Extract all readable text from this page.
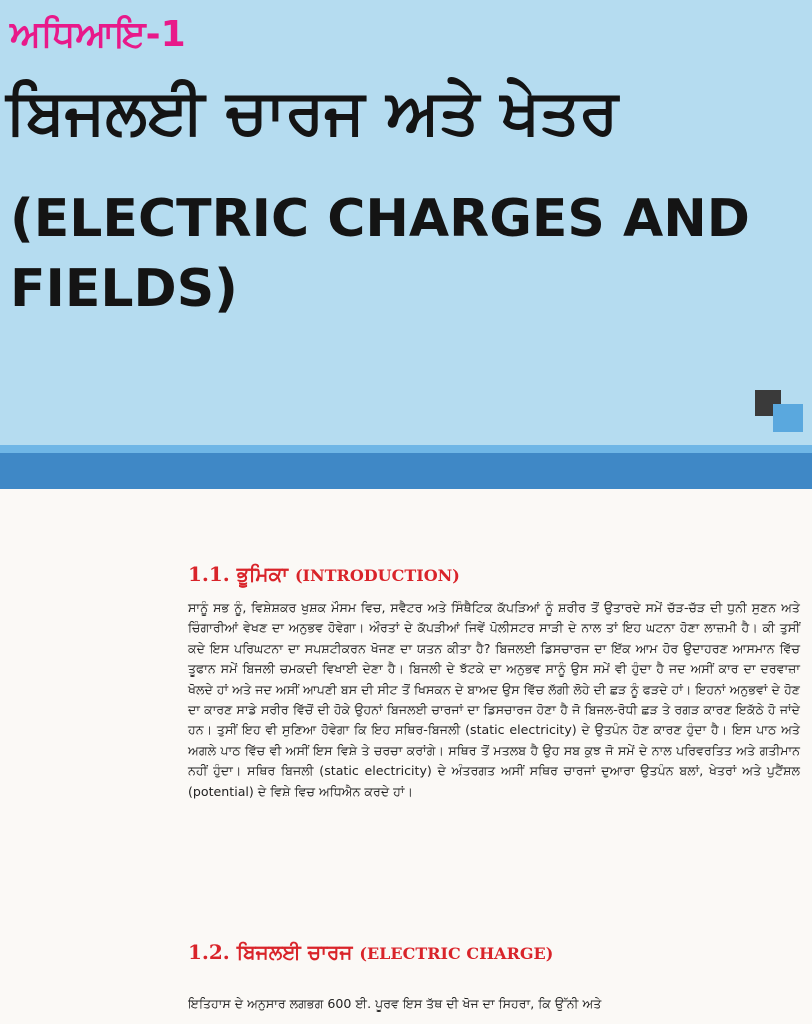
ਅਧਿਆਇ-1
ਬਿਜਲਈ ਚਾਰਜ ਅਤੇ ਖੇਤਰ
(ELECTRIC CHARGES AND FIELDS)
1.1. ਭੂਮਿਕਾ (INTRODUCTION)

ਸਾਨੂੰ ਸਭ ਨੂੰ, ਵਿਸ਼ੇਸ਼ਕਰ ਖੁਸ਼ਕ ਮੌਸਮ ਵਿਚ, ਸਵੈਟਰ ਅਤੇ ਸਿੰਥੈਟਿਕ ਕੱਪੜਿਆਂ ਨੂੰ ਸ਼ਰੀਰ ਤੋਂ ਉਤਾਰਦੇ ਸਮੇਂ ਚੱੜ-ਚੱੜ ਦੀ ਧੁਨੀ ਸੁਣਨ ਅਤੇ ਚਿੰਗਾਰੀਆਂ ਵੇਖਣ ਦਾ ਅਨੁਭਵ ਹੋਵੇਗਾ। ਔਰਤਾਂ ਦੇ ਕੱਪੜੀਆਂ ਜਿਵੇਂ ਪੋਲੀਸਟਰ ਸਾੜੀ ਦੇ ਨਾਲ ਤਾਂ ਇਹ ਘਟਨਾ ਹੋਣਾ ਲਾਜ਼ਮੀ ਹੈ। ਕੀ ਤੁਸੀਂ ਕਦੇ ਇਸ ਪਰਿਘਟਨਾ ਦਾ ਸਪਸ਼ਟੀਕਰਨ ਖੋਜਣ ਦਾ ਯਤਨ ਕੀਤਾ ਹੈ? ਬਿਜਲਈ ਡਿਸਚਾਰਜ ਦਾ ਇੱਕ ਆਮ ਹੋਰ ਉਦਾਹਰਣ ਆਸਮਾਨ ਵਿੱਚ ਤੂਫਾਨ ਸਮੇਂ ਬਿਜਲੀ ਚਮਕਦੀ ਵਿਖਾਈ ਦੇਣਾ ਹੈ। ਬਿਜਲੀ ਦੇ ਝੱਟਕੇ ਦਾ ਅਨੁਭਵ ਸਾਨੂੰ ਉਸ ਸਮੇਂ ਵੀ ਹੁੰਦਾ ਹੈ ਜਦ ਅਸੀਂ ਕਾਰ ਦਾ ਦਰਵਾਜ਼ਾ ਖੋਲਦੇ ਹਾਂ ਅਤੇ ਜਦ ਅਸੀਂ ਆਪਣੀ ਬਸ ਦੀ ਸੀਟ ਤੋਂ ਖਿਸਕਨ ਦੇ ਬਾਅਦ ਉਸ ਵਿੱਚ ਲੱਗੀ ਲੋਹੇ ਦੀ ਛੜ ਨੂੰ ਫੜਦੇ ਹਾਂ। ਇਹਨਾਂ ਅਨੁਭਵਾਂ ਦੇ ਹੋਣ ਦਾ ਕਾਰਣ ਸਾਡੇ ਸਰੀਰ ਵਿੱਚੋਂ ਦੀ ਹੋਕੇ ਉਹਨਾਂ ਬਿਜਲਈ ਚਾਰਜਾਂ ਦਾ ਡਿਸਚਾਰਜ ਹੋਣਾ ਹੈ ਜੋ ਬਿਜਲ-ਰੋਧੀ ਛੜ ਤੇ ਰਗੜ ਕਾਰਣ ਇਕੱਠੇ ਹੋ ਜਾਂਦੇ ਹਨ। ਤੁਸੀਂ ਇਹ ਵੀ ਸੁਣਿਆ ਹੋਵੇਗਾ ਕਿ ਇਹ ਸਥਿਰ-ਬਿਜਲੀ (static electricity) ਦੇ ਉਤਪੰਨ ਹੋਣ ਕਾਰਣ ਹੁੰਦਾ ਹੈ। ਇਸ ਪਾਠ ਅਤੇ ਅਗਲੇ ਪਾਠ ਵਿੱਚ ਵੀ ਅਸੀਂ ਇਸ ਵਿਸ਼ੇ ਤੇ ਚਰਚਾ ਕਰਾਂਗੇ। ਸਥਿਰ ਤੋਂ ਮਤਲਬ ਹੈ ਉਹ ਸਬ ਕੁਝ ਜੋ ਸਮੇਂ ਦੇ ਨਾਲ ਪਰਿਵਰਤਿਤ ਅਤੇ ਗਤੀਮਾਨ ਨਹੀਂ ਹੁੰਦਾ। ਸਥਿਰ ਬਿਜਲੀ (static electricity) ਦੇ ਅੰਤਰਗਤ ਅਸੀਂ ਸਥਿਰ ਚਾਰਜਾਂ ਦੁਆਰਾ ਉਤਪੰਨ ਬਲਾਂ, ਖੇਤਰਾਂ ਅਤੇ ਪੁਟੈਂਸ਼ਲ (potential) ਦੇ ਵਿਸ਼ੇ ਵਿਚ ਅਧਿਐਨ ਕਰਦੇ ਹਾਂ।

1.2. ਬਿਜਲਈ ਚਾਰਜ (ELECTRIC CHARGE)

ਇਤਿਹਾਸ ਦੇ ਅਨੁਸਾਰ ਲਗਭਗ 600 ਈ. ਪੂਰਵ ਇਸ ਤੱਥ ਦੀ ਖੋਜ ਦਾ ਸਿਹਰਾ, ਕਿ ਉੱਨੀ ਅਤੇ
